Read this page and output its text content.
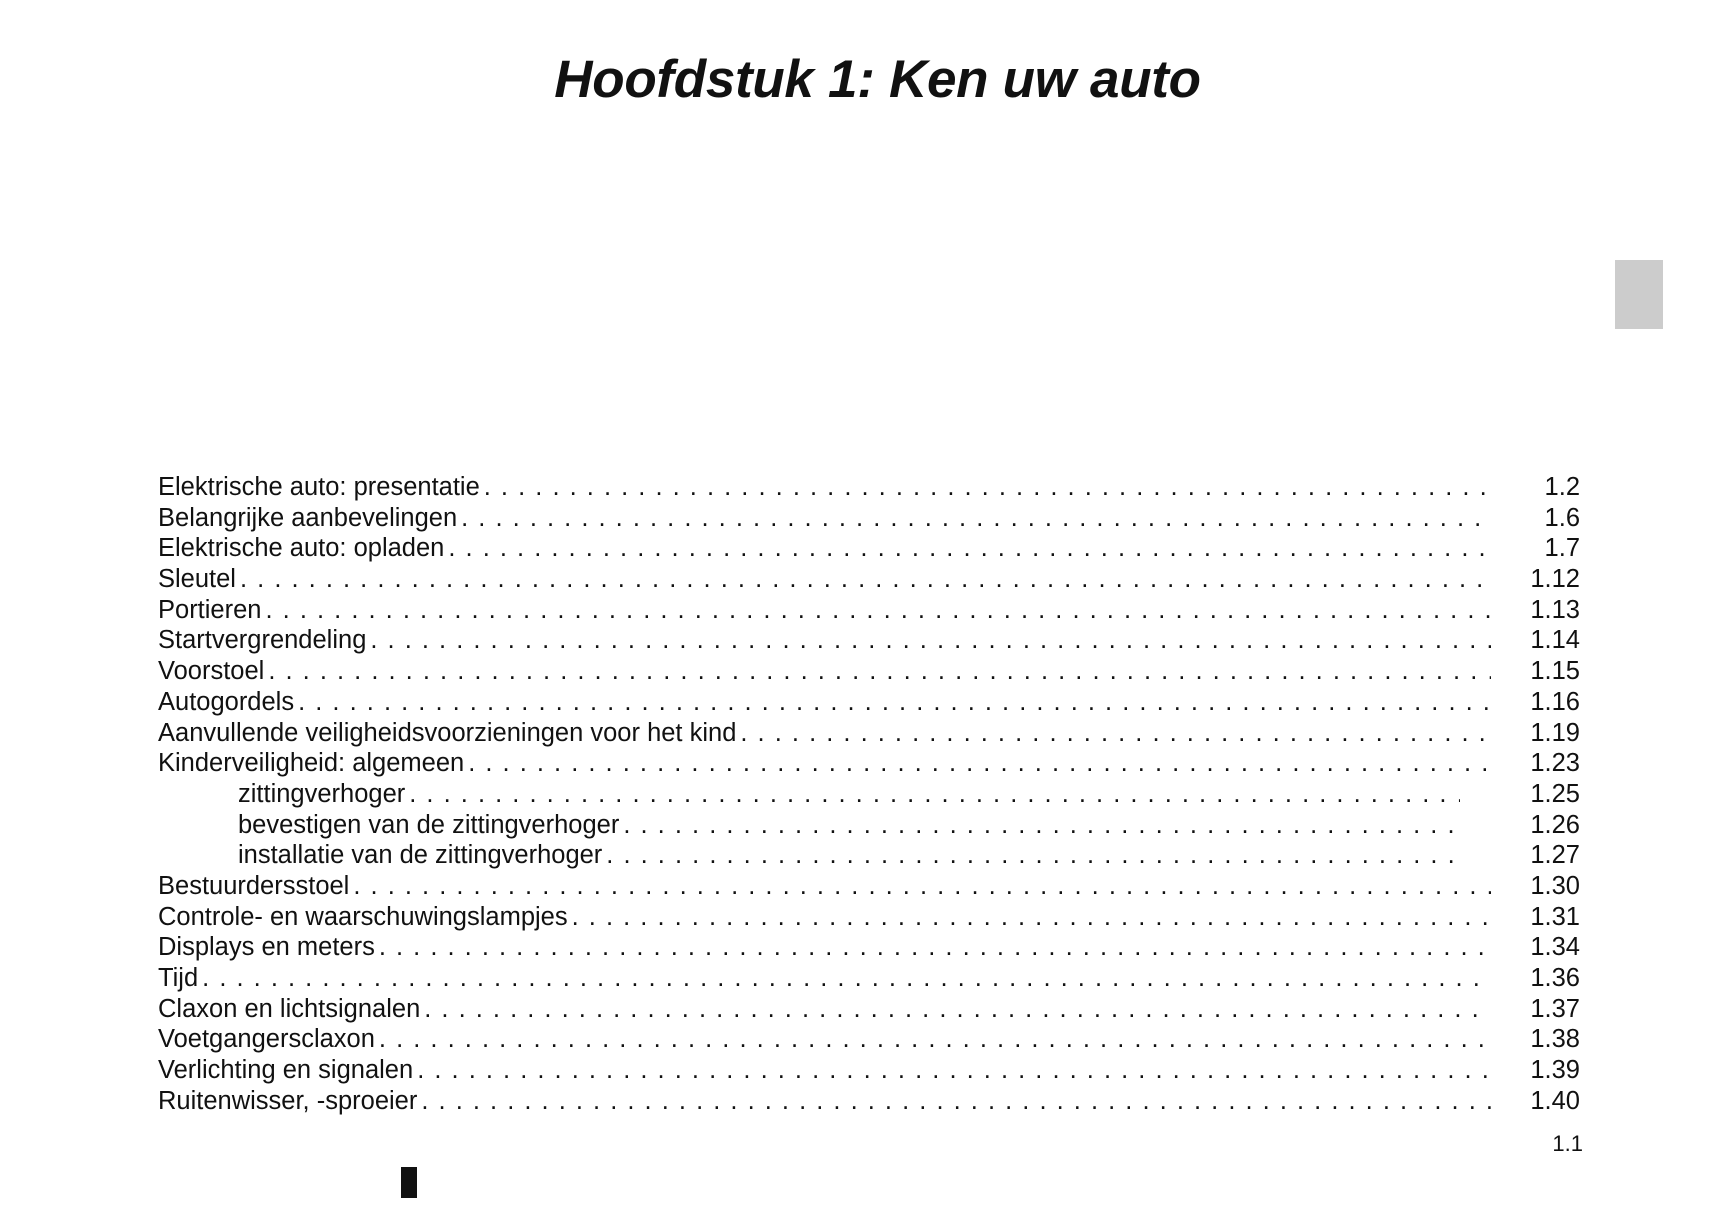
Hoofdstuk 1: Ken uw auto
Elektrische auto: presentatie . . .	1.2
Belangrijke aanbevelingen . . .	1.6
Elektrische auto: opladen . . .	1.7
Sleutel . . .	1.12
Portieren . . .	1.13
Startvergrendeling . . .	1.14
Voorstoel . . .	1.15
Autogordels . . .	1.16
Aanvullende veiligheidsvoorzieningen voor het kind . . .	1.19
Kinderveiligheid: algemeen . . .	1.23
zittingverhoger . . .	1.25
bevestigen van de zittingverhoger . . .	1.26
installatie van de zittingverhoger . . .	1.27
Bestuurdersstoel . . .	1.30
Controle- en waarschuwingslampjes . . .	1.31
Displays en meters . . .	1.34
Tijd . . .	1.36
Claxon en lichtsignalen . . .	1.37
Voetgangersclaxon . . .	1.38
Verlichting en signalen . . .	1.39
Ruitenwisser, -sproeier . . .	1.40
1.1
